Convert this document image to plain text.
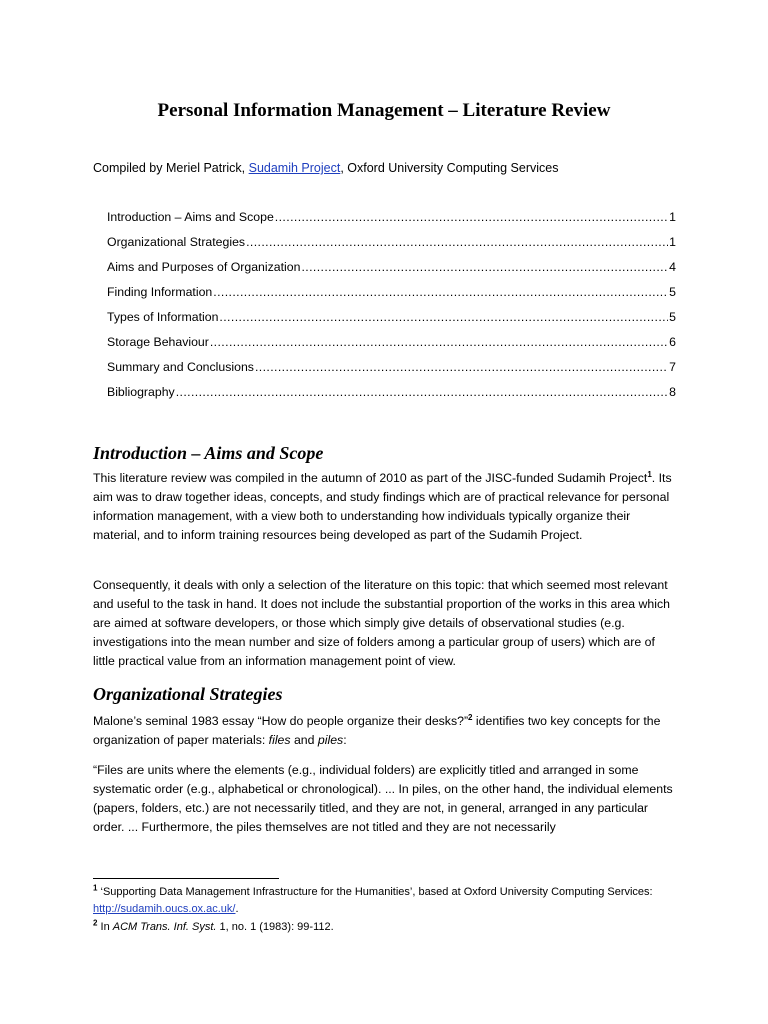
Personal Information Management – Literature Review
Compiled by Meriel Patrick, Sudamih Project, Oxford University Computing Services
Introduction – Aims and Scope .....	1
Organizational Strategies .....	1
Aims and Purposes of Organization .....	4
Finding Information .....	5
Types of Information .....	5
Storage Behaviour .....	6
Summary and Conclusions .....	7
Bibliography .....	8
Introduction – Aims and Scope

This literature review was compiled in the autumn of 2010 as part of the JISC-funded Sudamih Project$^1$. Its aim was to draw together ideas, concepts, and study findings which are of practical relevance for personal information management, with a view both to understanding how individuals typically organize their material, and to inform training resources being developed as part of the Sudamih Project.

Consequently, it deals with only a selection of the literature on this topic: that which seemed most relevant and useful to the task in hand. It does not include the substantial proportion of the works in this area which are aimed at software developers, or those which simply give details of observational studies (e.g. investigations into the mean number and size of folders among a particular group of users) which are of little practical value from an information management point of view.

Organizational Strategies

Malone’s seminal 1983 essay “How do people organize their desks?”$^2$ identifies two key concepts for the organization of paper materials: files and piles:

“Files are units where the elements (e.g., individual folders) are explicitly titled and arranged in some systematic order (e.g., alphabetical or chronological). ... In piles, on the other hand, the individual elements (papers, folders, etc.) are not necessarily titled, and they are not, in general, arranged in any particular order. ... Furthermore, the piles themselves are not titled and they are not necessarily

$^1$ ‘Supporting Data Management Infrastructure for the Humanities’, based at Oxford University Computing Services: http://sudamih.oucs.ox.ac.uk/.

$^2$ In ACM Trans. Inf. Syst. 1, no. 1 (1983): 99-112.
